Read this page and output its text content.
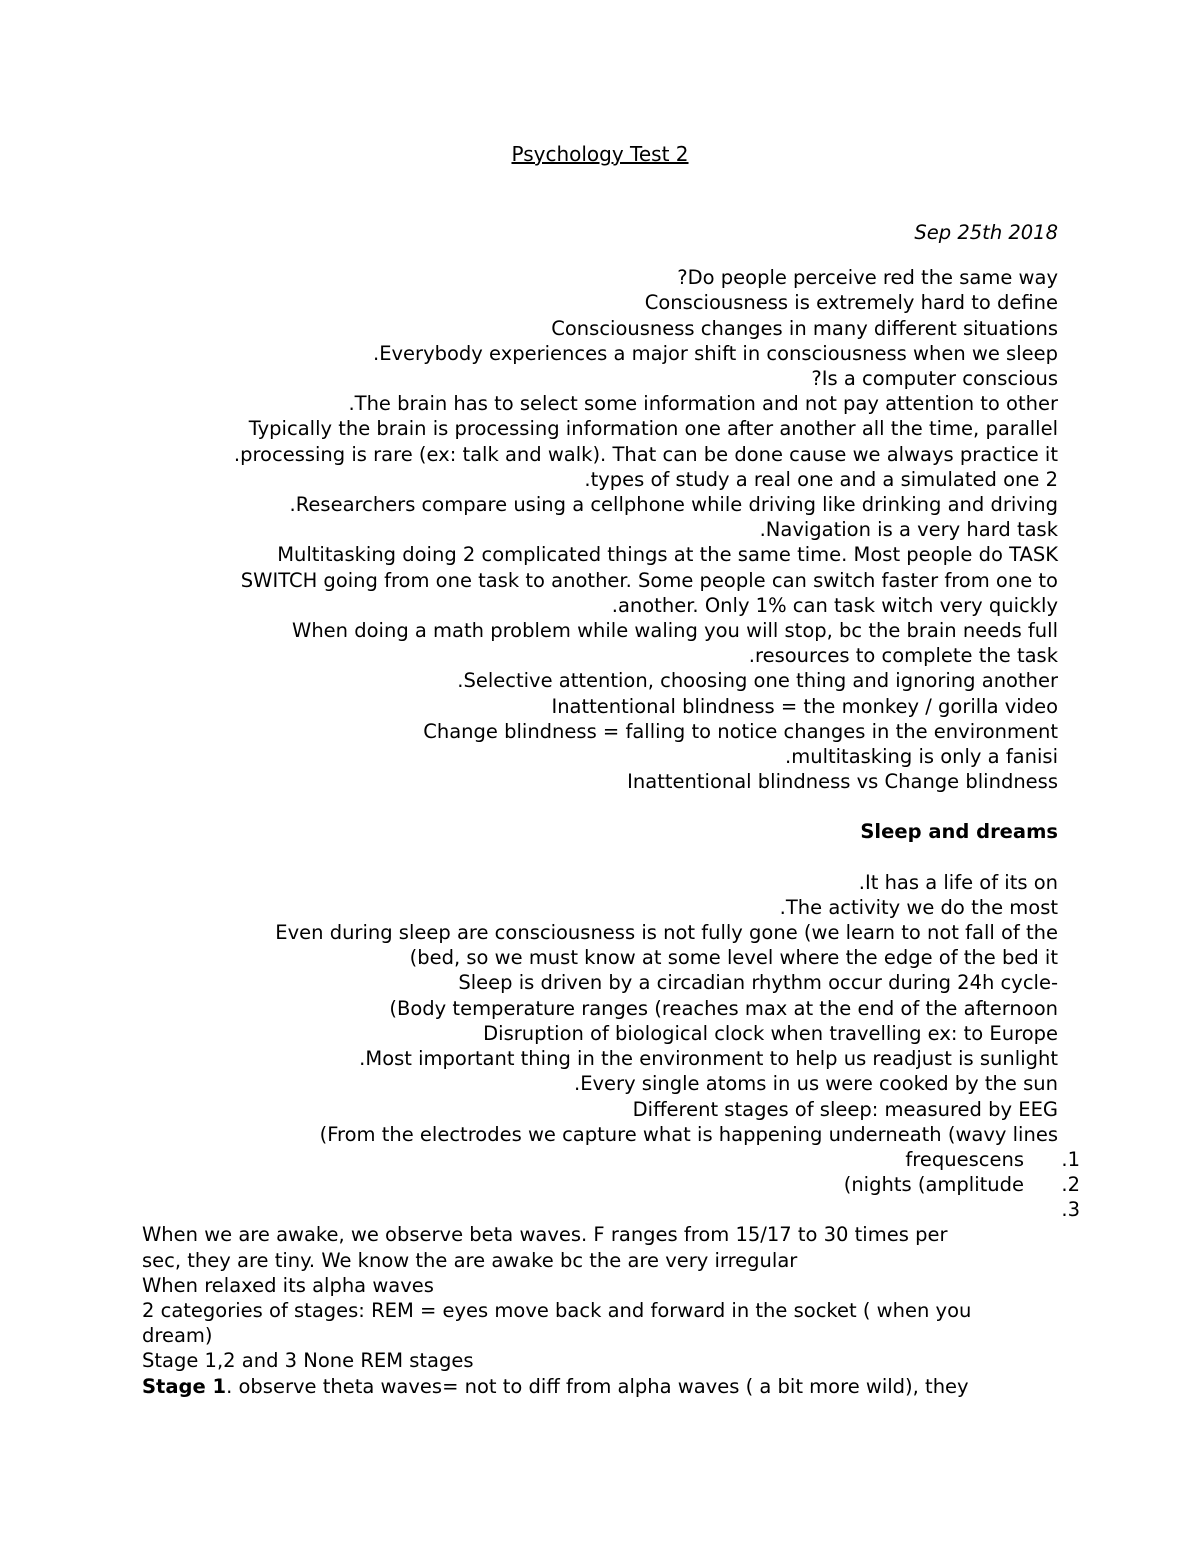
Psychology Test 2
Sep 25th 2018
?Do people perceive red the same way
Consciousness is extremely hard to define
Consciousness changes in many different situations
.Everybody experiences a major shift in consciousness when we sleep
?Is a computer conscious
.The brain has to select some information and not pay attention to other
Typically the brain is processing information one after another all the time, parallel
.processing is rare (ex: talk and walk). That can be done cause we always practice it
.types of study a real one and a simulated one 2
.Researchers compare using a cellphone while driving like drinking and driving
.Navigation is a very hard task
Multitasking doing 2 complicated things at the same time. Most people do TASK
SWITCH going from one task to another. Some people can switch faster from one to
.another. Only 1% can task witch very quickly
When doing a math problem while waling you will stop, bc the brain needs full
.resources to complete the task
.Selective attention, choosing one thing and ignoring another
Inattentional blindness = the monkey / gorilla video
Change blindness = falling to notice changes in the environment
.multitasking is only a fanisi
Inattentional blindness vs Change blindness
Sleep and dreams
.It has a life of its on
.The activity we do the most
Even during sleep are consciousness is not fully gone (we learn to not fall of the
(bed, so we must know at some level where the edge of the bed it
Sleep is driven by a circadian rhythm occur during 24h cycle-
(Body temperature ranges (reaches max at the end of the afternoon
Disruption of biological clock when travelling ex: to Europe
.Most important thing in the environment to help us readjust is sunlight
.Every single atoms in us were cooked by the sun
Different stages of sleep: measured by EEG
(From the electrodes we capture what is happening underneath (wavy lines
frequescens	.1
(nights (amplitude	.2
.3
When we are awake, we observe beta waves. F ranges from 15/17 to 30 times per
sec, they are tiny. We know the are awake bc the are very irregular
When relaxed its alpha waves
2 categories of stages: REM = eyes move back and forward in the socket ( when you
dream)
Stage 1,2 and 3 None REM stages
Stage 1. observe theta waves= not to diff from alpha waves ( a bit more wild), they
